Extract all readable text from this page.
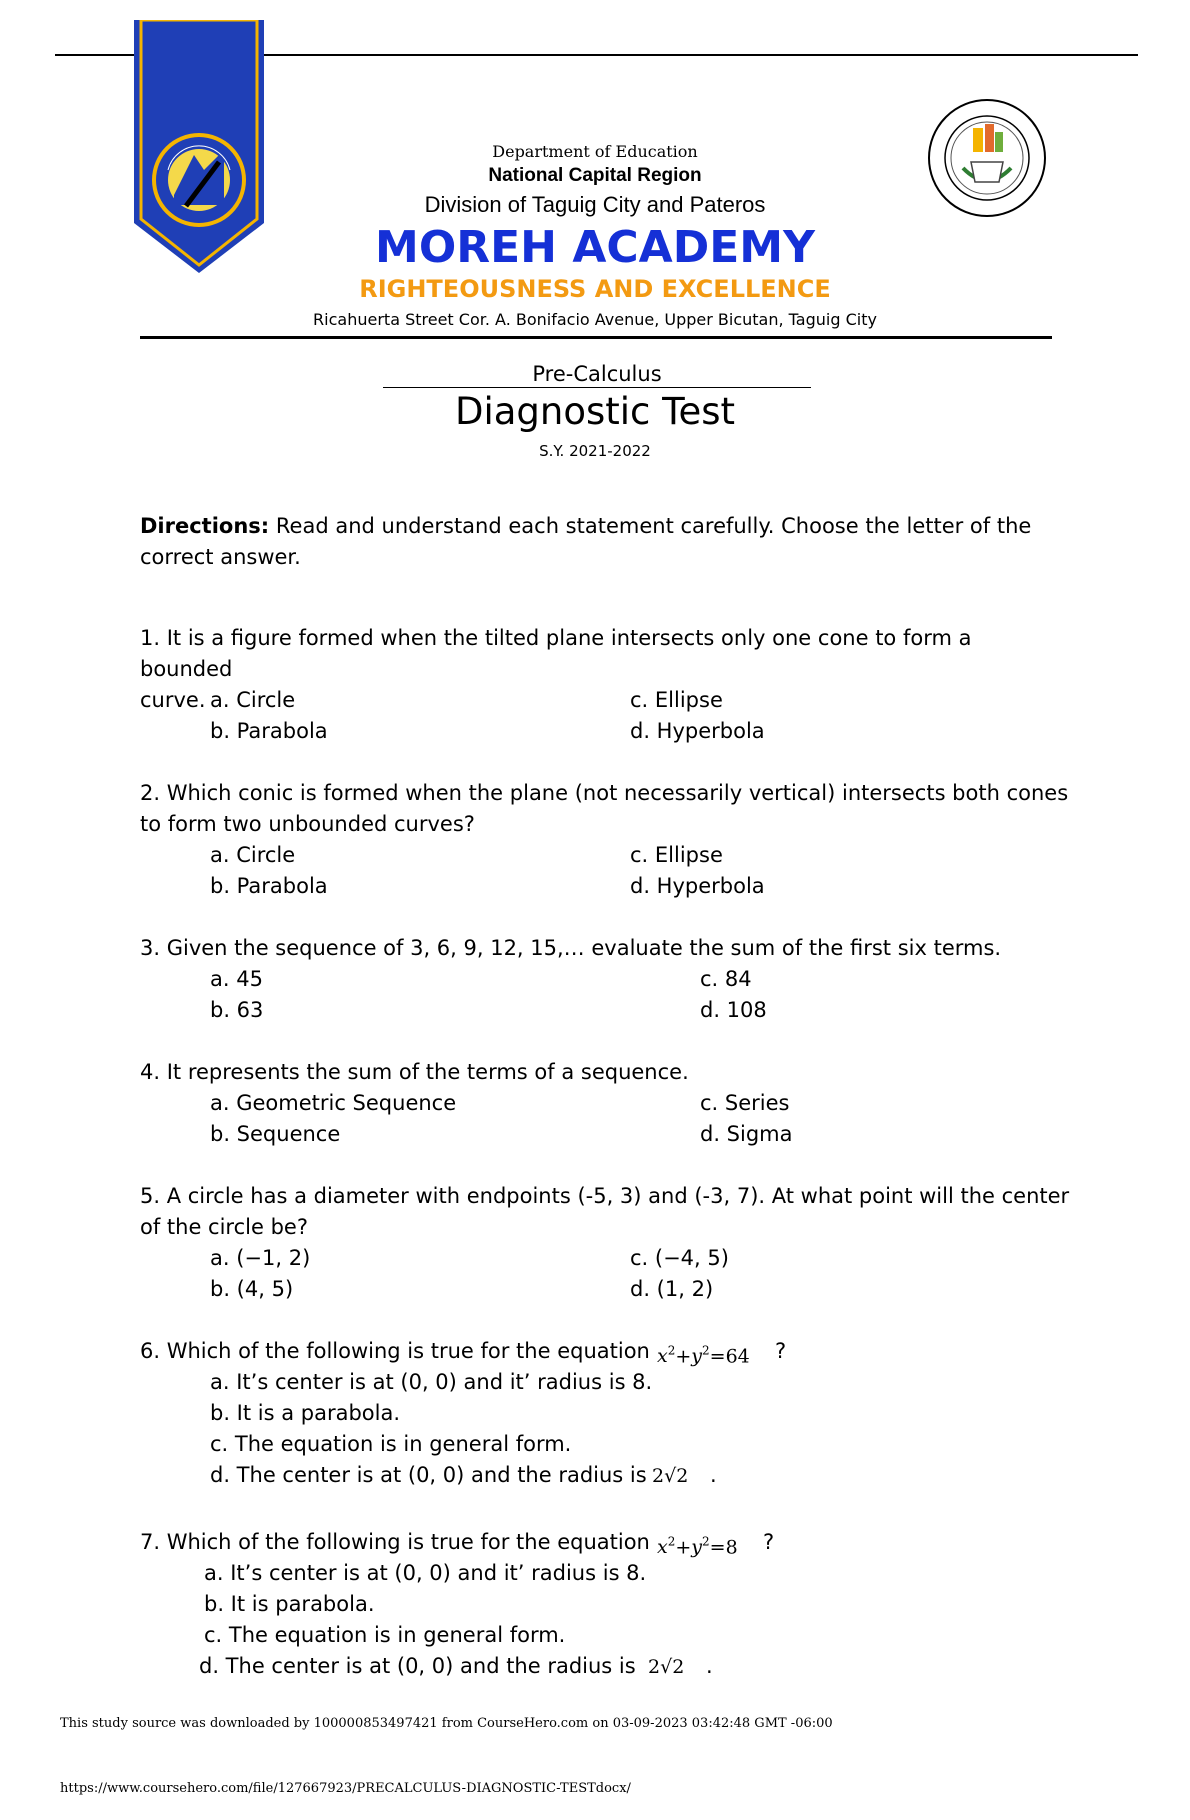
Department of Education
National Capital Region
Division of Taguig City and Pateros
MOREH ACADEMY
RIGHTEOUSNESS AND EXCELLENCE
Ricahuerta Street Cor. A. Bonifacio Avenue, Upper Bicutan, Taguig City
Pre-Calculus
Diagnostic Test
S.Y. 2021-2022
Directions: Read and understand each statement carefully. Choose the letter of the
correct answer.
1. It is a figure formed when the tilted plane intersects only one cone to form a bounded
curve. a. Circle
b. Parabola
c. Ellipse
d. Hyperbola
2. Which conic is formed when the plane (not necessarily vertical) intersects both cones
to form two unbounded curves?
a. Circle
b. Parabola
c. Ellipse
d. Hyperbola
3. Given the sequence of 3, 6, 9, 12, 15,… evaluate the sum of the first six terms.
a. 45
b. 63
c. 84
d. 108
4. It represents the sum of the terms of a sequence.
a. Geometric Sequence
b. Sequence
c. Series
d. Sigma
5. A circle has a diameter with endpoints (-5, 3) and (-3, 7). At what point will the center
of the circle be?
a. (−1, 2)
b. (4, 5)
c. (−4, 5)
d. (1, 2)
6. Which of the following is true for the equation $x^2+y^2=64$ ?
a. It’s center is at (0, 0) and it’ radius is 8.
b. It is a parabola.
c. The equation is in general form.
d. The center is at (0, 0) and the radius is 2√2 .
7. Which of the following is true for the equation $x^2+y^2=8$ ?
a. It’s center is at (0, 0) and it’ radius is 8.
b. It is parabola.
c. The equation is in general form.
d. The center is at (0, 0) and the radius is 2√2 .
This study source was downloaded by 100000853497421 from CourseHero.com on 03-09-2023 03:42:48 GMT -06:00
https://www.coursehero.com/file/127667923/PRECALCULUS-DIAGNOSTIC-TESTdocx/
